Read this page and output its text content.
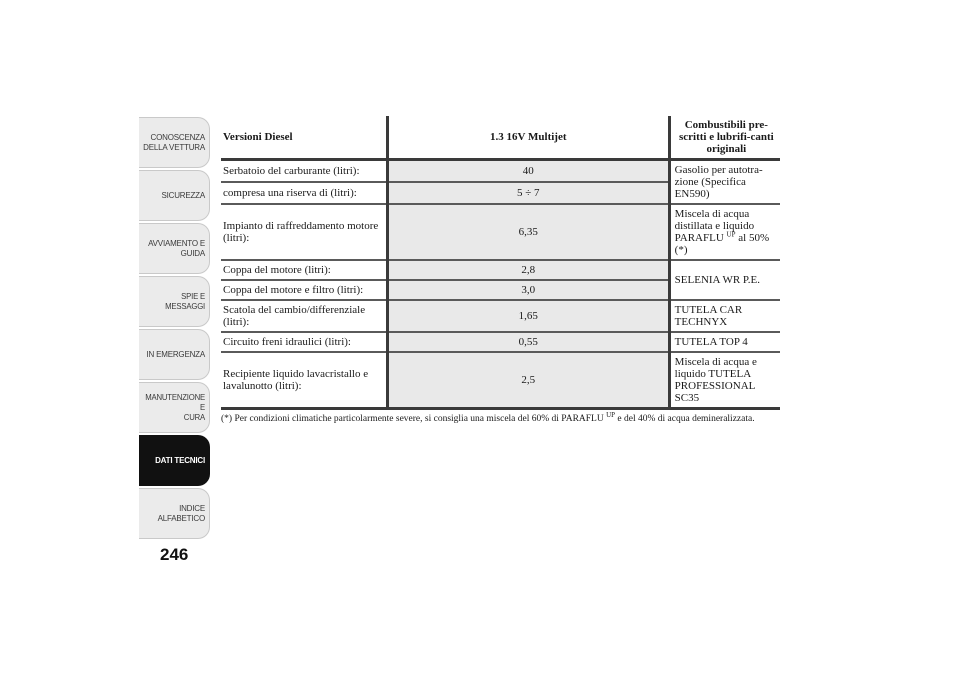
CONOSCENZA
DELLA VETTURA
SICUREZZA
AVVIAMENTO E
GUIDA
SPIE E MESSAGGI
IN EMERGENZA
MANUTENZIONE E
CURA
DATI TECNICI
INDICE
ALFABETICO
246
Versioni Diesel	1.3 16V Multijet	Combustibili pre-scritti e lubrifi-canti originali
Serbatoio del carburante (litri):	40	Gasolio per autotra-zione (Specifica EN590)
compresa una riserva di (litri):	5 ÷ 7	
Impianto di raffreddamento motore (litri):	6,35	Miscela di acqua distillata e liquido PARAFLU $^{UP}$ al 50% (*)
Coppa del motore (litri):	2,8	SELENIA WR P.E.
Coppa del motore e filtro (litri):	3,0	
Scatola del cambio/differenziale (litri):	1,65	TUTELA CAR TECHNYX
Circuito freni idraulici (litri):	0,55	TUTELA TOP 4
Recipiente liquido lavacristallo e lavalunotto (litri):	2,5	Miscela di acqua e liquido TUTELA PROFESSIONAL SC35
(*) Per condizioni climatiche particolarmente severe, si consiglia una miscela del 60% di PARAFLU $^{UP}$ e del 40% di acqua demineralizzata.
